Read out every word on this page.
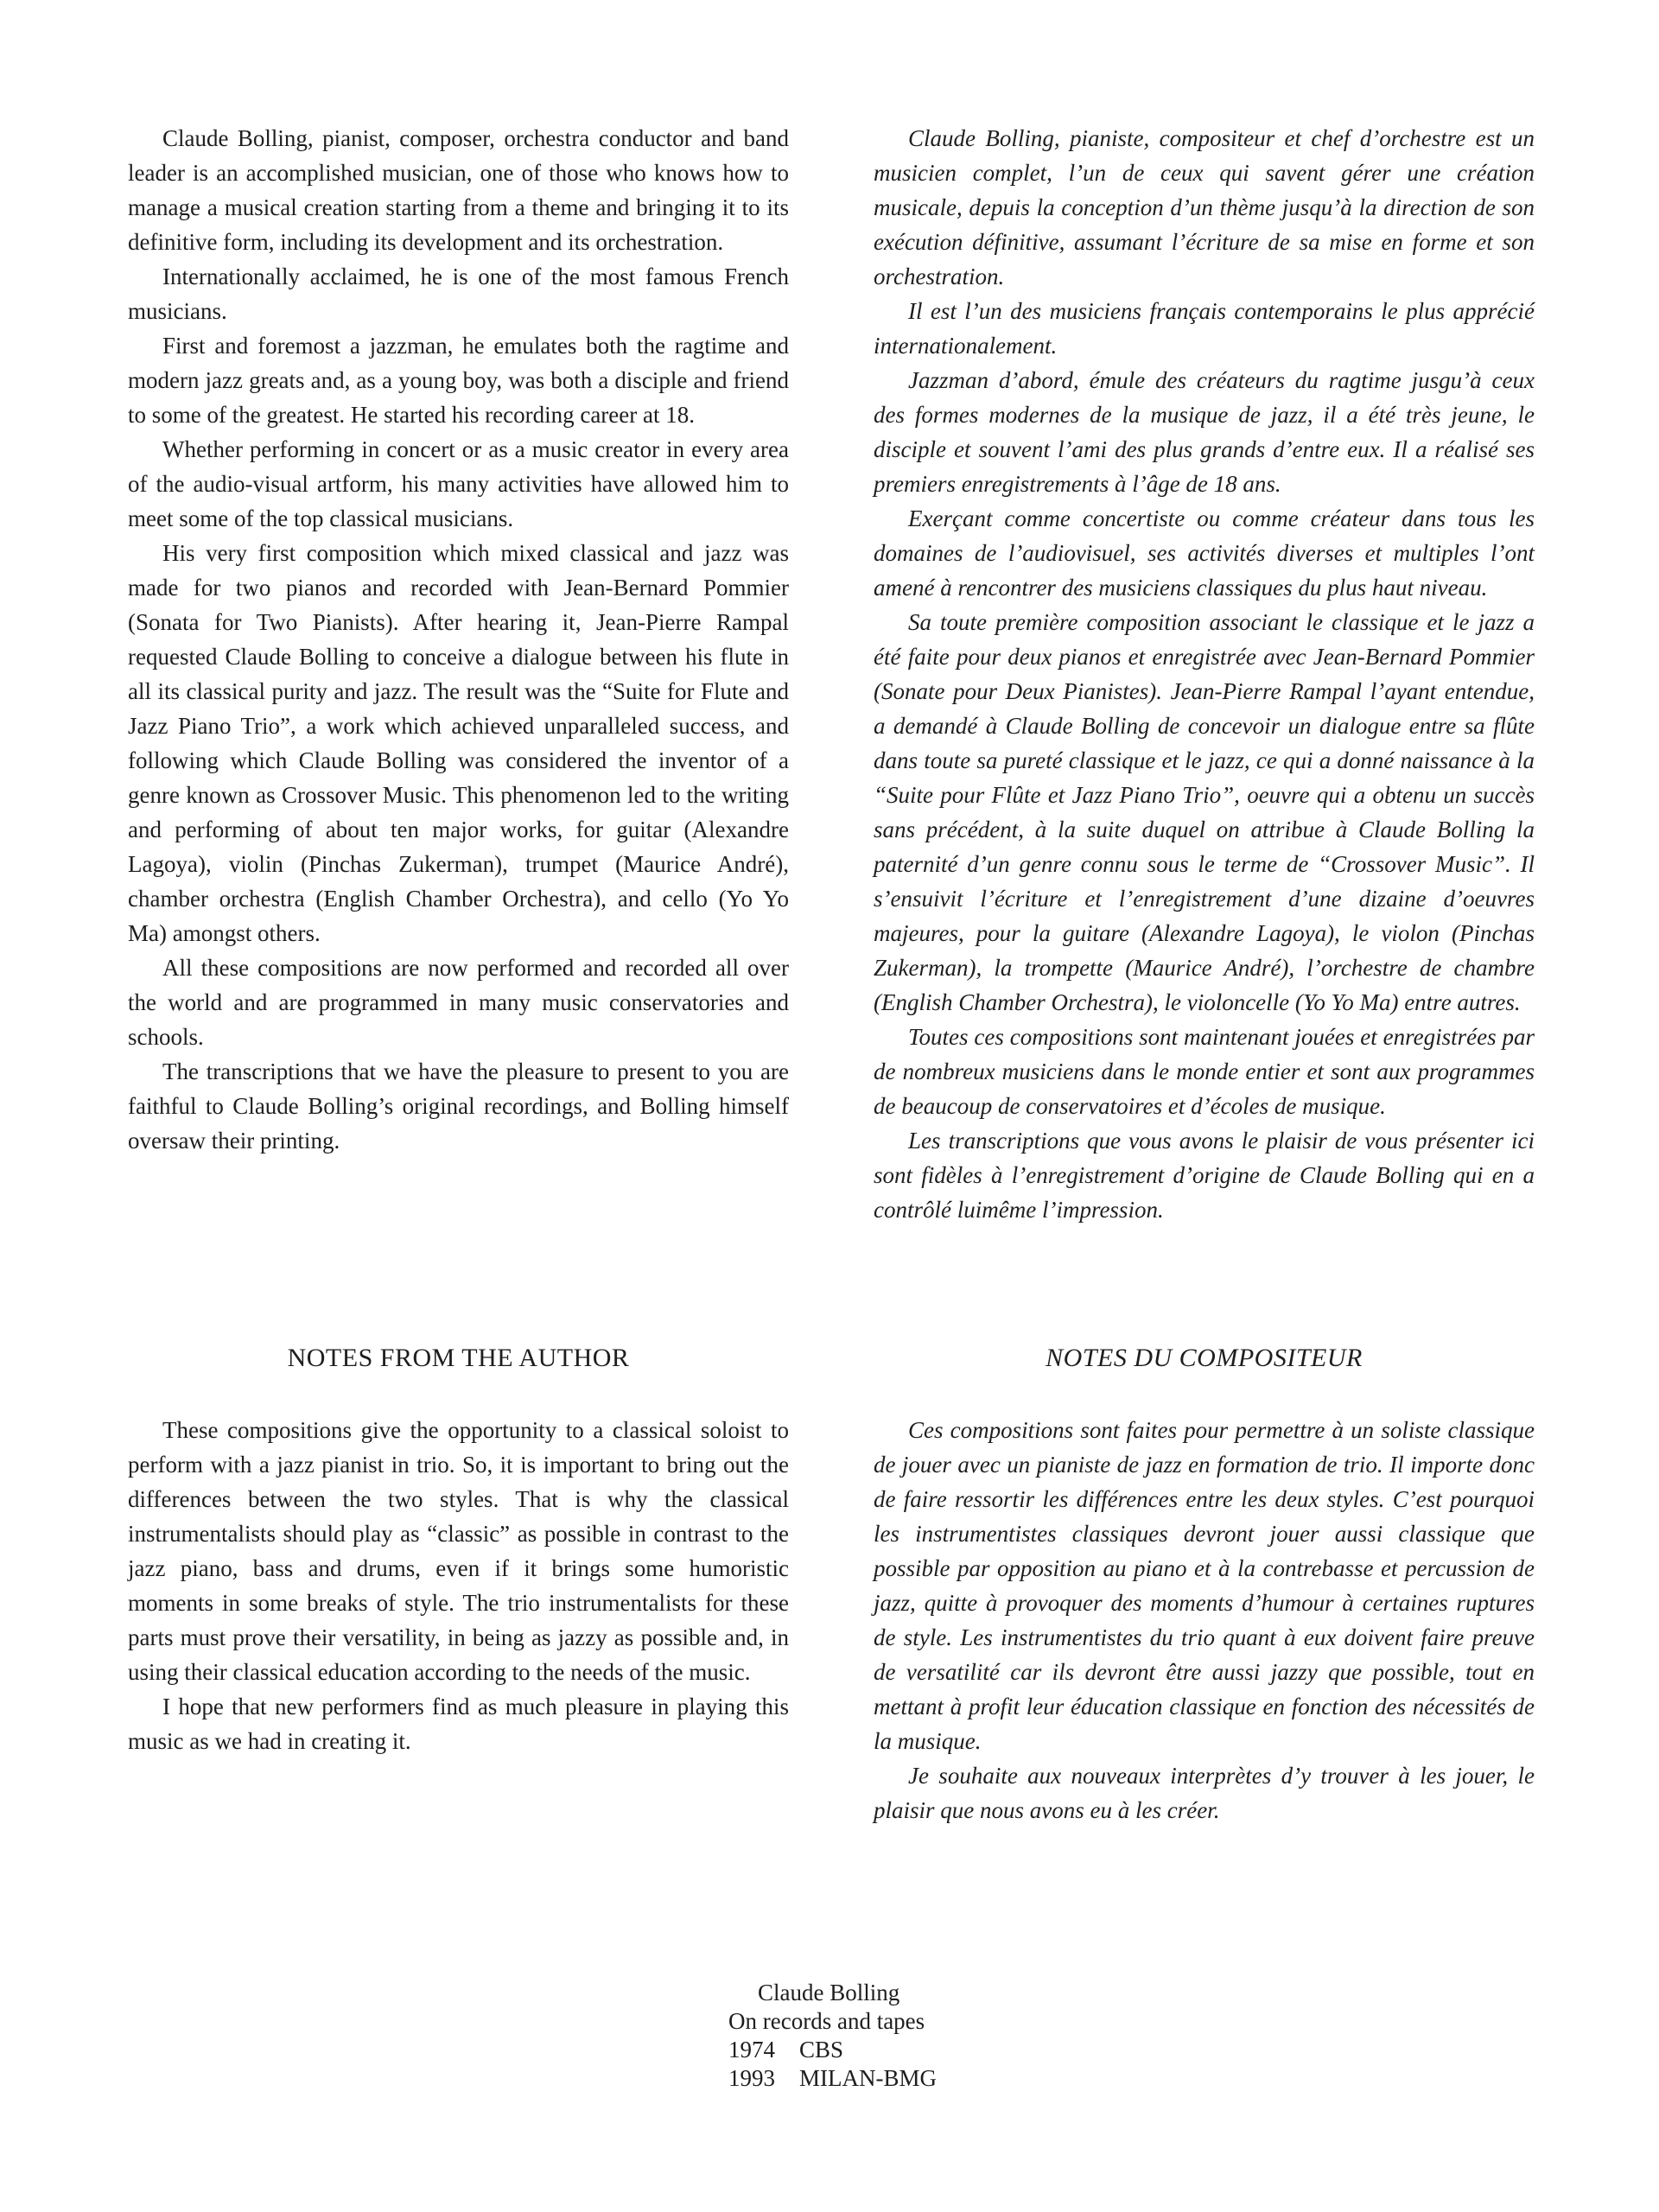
Claude Bolling, pianist, composer, orchestra conductor and band leader is an accomplished musician, one of those who knows how to manage a musical creation starting from a theme and bringing it to its definitive form, including its development and its orchestration.

Internationally acclaimed, he is one of the most famous French musicians.

First and foremost a jazzman, he emulates both the ragtime and modern jazz greats and, as a young boy, was both a disciple and friend to some of the greatest. He started his recording career at 18.

Whether performing in concert or as a music creator in every area of the audio-visual artform, his many activities have allowed him to meet some of the top classical musicians.

His very first composition which mixed classical and jazz was made for two pianos and recorded with Jean-Bernard Pommier (Sonata for Two Pianists). After hearing it, Jean-Pierre Rampal requested Claude Bolling to conceive a dialogue between his flute in all its classical purity and jazz. The result was the “Suite for Flute and Jazz Piano Trio”, a work which achieved unparalleled success, and following which Claude Bolling was considered the inventor of a genre known as Crossover Music. This phenomenon led to the writing and performing of about ten major works, for guitar (Alexandre Lagoya), violin (Pinchas Zukerman), trumpet (Maurice André), chamber orchestra (English Chamber Orchestra), and cello (Yo Yo Ma) amongst others.

All these compositions are now performed and recorded all over the world and are programmed in many music conservatories and schools.

The transcriptions that we have the pleasure to present to you are faithful to Claude Bolling’s original recordings, and Bolling himself oversaw their printing.

Claude Bolling, pianiste, compositeur et chef d’orchestre est un musicien complet, l’un de ceux qui savent gérer une création musicale, depuis la conception d’un thème jusqu’à la direction de son exécution définitive, assumant l’écriture de sa mise en forme et son orchestration.

Il est l’un des musiciens français contemporains le plus apprécié internationalement.

Jazzman d’abord, émule des créateurs du ragtime jusgu’à ceux des formes modernes de la musique de jazz, il a été très jeune, le disciple et souvent l’ami des plus grands d’entre eux. Il a réalisé ses premiers enregistrements à l’âge de 18 ans.

Exerçant comme concertiste ou comme créateur dans tous les domaines de l’audiovisuel, ses activités diverses et multiples l’ont amené à rencontrer des musiciens classiques du plus haut niveau.

Sa toute première composition associant le classique et le jazz a été faite pour deux pianos et enregistrée avec Jean-Bernard Pommier (Sonate pour Deux Pianistes). Jean-Pierre Rampal l’ayant entendue, a demandé à Claude Bolling de concevoir un dialogue entre sa flûte dans toute sa pureté classique et le jazz, ce qui a donné naissance à la “Suite pour Flûte et Jazz Piano Trio”, oeuvre qui a obtenu un succès sans précédent, à la suite duquel on attribue à Claude Bolling la paternité d’un genre connu sous le terme de “Crossover Music”. Il s’ensuivit l’écriture et l’enregistrement d’une dizaine d’oeuvres majeures, pour la guitare (Alexandre Lagoya), le violon (Pinchas Zukerman), la trompette (Maurice André), l’orchestre de chambre (English Chamber Orchestra), le violoncelle (Yo Yo Ma) entre autres.

Toutes ces compositions sont maintenant jouées et enregistrées par de nombreux musiciens dans le monde entier et sont aux programmes de beaucoup de conservatoires et d’écoles de musique.

Les transcriptions que vous avons le plaisir de vous présenter ici sont fidèles à l’enregistrement d’origine de Claude Bolling qui en a contrôlé luimême l’impression.

NOTES FROM THE AUTHOR	NOTES DU COMPOSITEUR

These compositions give the opportunity to a classical soloist to perform with a jazz pianist in trio. So, it is important to bring out the differences between the two styles. That is why the classical instrumentalists should play as “classic” as possible in contrast to the jazz piano, bass and drums, even if it brings some humoristic moments in some breaks of style. The trio instrumentalists for these parts must prove their versatility, in being as jazzy as possible and, in using their classical education according to the needs of the music.

I hope that new performers find as much pleasure in playing this music as we had in creating it.

Ces compositions sont faites pour permettre à un soliste classique de jouer avec un pianiste de jazz en formation de trio. Il importe donc de faire ressortir les différences entre les deux styles. C’est pourquoi les instrumentistes classiques devront jouer aussi classique que possible par opposition au piano et à la contrebasse et percussion de jazz, quitte à provoquer des moments d’humour à certaines ruptures de style. Les instrumentistes du trio quant à eux doivent faire preuve de versatilité car ils devront être aussi jazzy que possible, tout en mettant à profit leur éducation classique en fonction des nécessités de la musique.

Je souhaite aux nouveaux interprètes d’y trouver à les jouer, le plaisir que nous avons eu à les créer.

Claude Bolling
On records and tapes
1974 CBS
1993 MILAN-BMG
